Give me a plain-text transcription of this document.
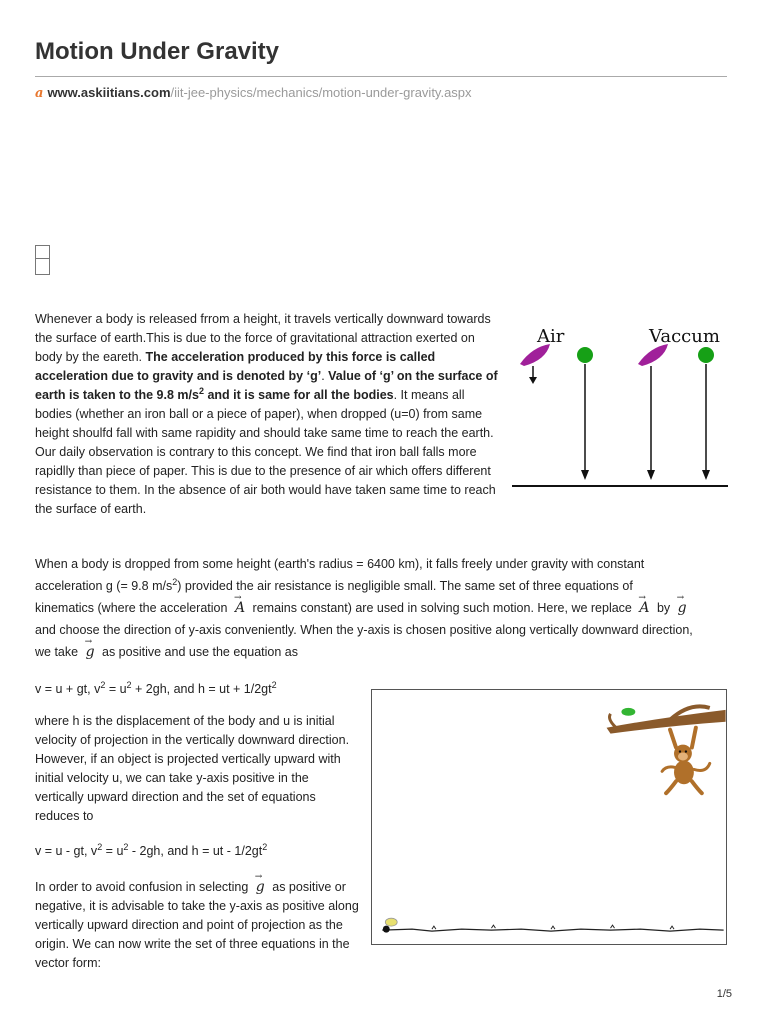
Motion Under Gravity
a www.askiitians.com/iit-jee-physics/mechanics/motion-under-gravity.aspx

Whenever a body is released frrom a height, it travels vertically downward towards the surface of earth.This is due to the force of gravitational attraction exerted on body by the eareth. The acceleration produced by this force is called acceleration due to gravity and is denoted by ‘g’. Value of ‘g’ on the surface of earth is taken to the 9.8 $m/s^2$ and it is same for all the bodies. It means all bodies (whether an iron ball or a piece of paper), when dropped (u=0) from same height shoulfd fall with same rapidity and should take same time to reach the earth. Our daily observation is contrary to this concept. We find that iron ball falls more rapidlly than piece of paper. This is due to the presence of air which offers different resistance to them. In the absence of air both would have taken same time to reach the surface of earth.

Air	Vaccum

When a body is dropped from some height (earth's radius = 6400 km), it falls freely under gravity with constant acceleration g (= 9.8 $m/s^2$) provided the air resistance is negligible small. The same set of three equations of kinematics (where the acceleration → A remains constant) are used in solving such motion. Here, we replace → A by → g and choose the direction of y-axis conveniently. When the y-axis is chosen positive along vertically downward direction, we take → g as positive and use the equation as

v = u + gt, $v^2 = u^2 + 2gh$, and h = ut + $1/2gt^2$

where h is the displacement of the body and u is initial velocity of projection in the vertically downward direction. However, if an object is projected vertically upward with initial velocity u, we can take y-axis positive in the vertically upward direction and the set of equations reduces to

v = u - gt, $v^2 = u^2 - 2gh$, and h = ut - $1/2gt^2$

In order to avoid confusion in selecting → g as positive or negative, it is advisable to take the y-axis as positive along vertically upward direction and point of projection as the origin. We can now write the set of three equations in the vector form:

1/5
